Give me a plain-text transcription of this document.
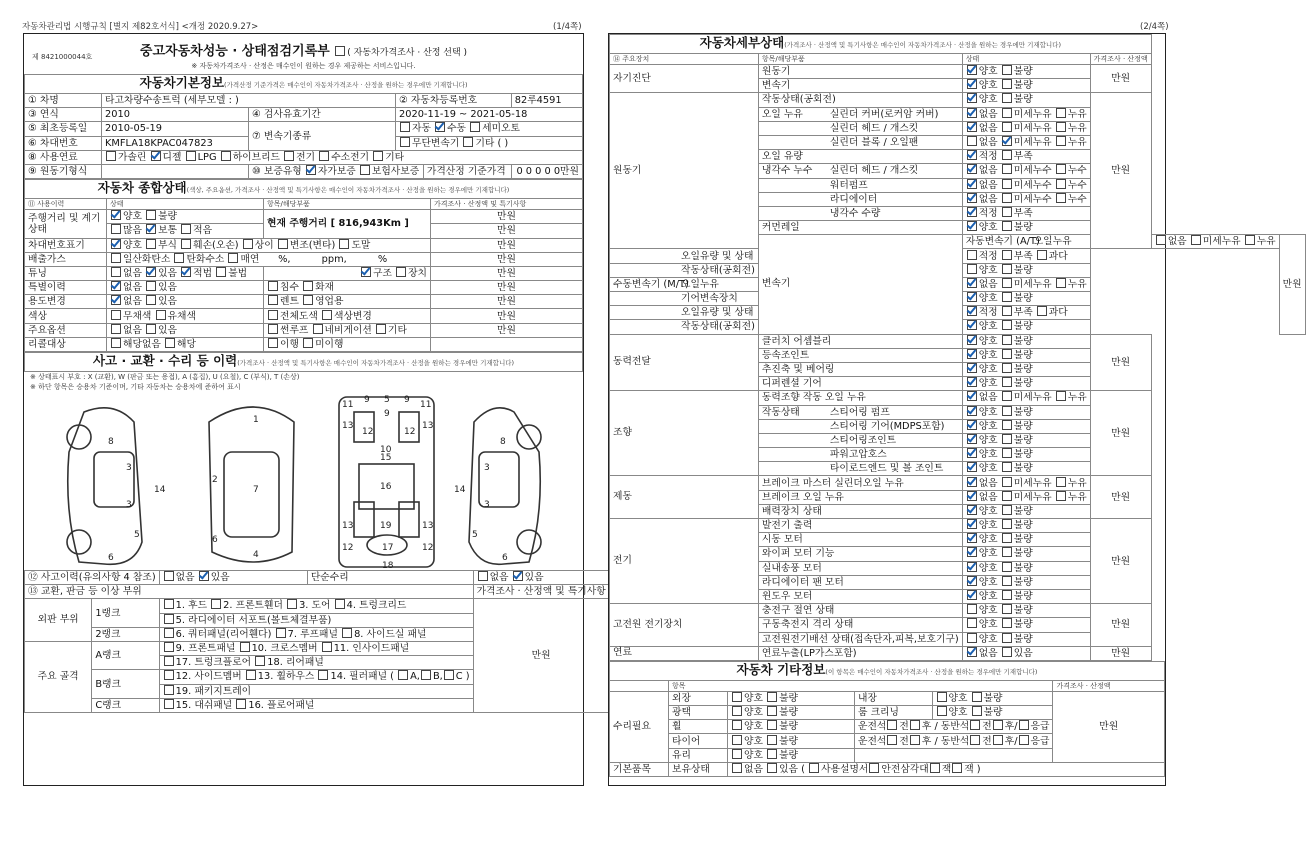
자동차관리법 시행규칙 [별지 제82호서식] <개정 2020.9.27>	(1/4쪽)	(2/4쪽)
제 8421000044호	중고자동차성능 · 상태점검기록부 ( 자동차가격조사 · 산정 선택 )
※ 자동차가격조사 · 산정은 매수인이 원하는 경우 제공하는 서비스입니다.
자동차기본정보(가격산정 기준가격은 매수인이 자동차가격조사 · 산정을 원하는 경우에만 기재합니다)					
① 차명	타고차량수송트럭 (세부모델 : )		② 자동차등록번호		82루4591
③ 연식	2010	④ 검사유효기간	2020-11-19 ~ 2021-05-18		
⑤ 최초등록일	2010-05-19	⑦ 변속기종류	자동 수동 세미오토		
⑥ 차대번호	KMFLA18KPAC047823		무단변속기 기타 ( )		
⑧ 사용연료	가솔린 디젤 LPG 하이브리드 전기 수소전기 기타				
⑨ 원동기형식		⑩ 보증유형 자가보증 보험사보증		가격산정 기준가격	0 0 0 0 0만원
자동차 종합상태(색상, 주요옵션, 가격조사 · 산정액 및 특기사항은 매수인이 자동차가격조사 · 산정을 원하는 경우에만 기재합니다)			
⑪ 사용이력	상태	항목/해당부품	가격조사 · 산정액 및 특기사항
주행거리 및 계기상태	양호 불량	현재 주행거리 [ 816,943Km ]	만원
	많음 보통 적음		만원
차대번호표기	양호 부식 훼손(오손) 상이 변조(변타) 도말		만원
배출가스	일산화탄소 탄화수소 매연 %, ppm, %		만원
튜닝	없음 있음 적법 불법	구조 장치	만원
특별이력	없음 있음	침수 화재	만원
용도변경	없음 있음	렌트 영업용	만원
색상	무채색 유채색	전체도색 색상변경	만원
주요옵션	없음 있음	썬루프 네비게이션 기타	만원
리콜대상	해당없음 해당	이행 미이행	
사고 · 교환 · 수리 등 이력(가격조사 · 산정액 및 특기사항은 매수인이 자동차가격조사 · 산정을 원하는 경우에만 기재합니다)
※ 상태표시 부호 : X (교환), W (판금 또는 용접), A (흠집), U (요철), C (부식), T (손상)
※ 하단 항목은 승용차 기준이며, 기타 자동차는 승용차에 준하여 표시
3
3
8
14
5
6
1
7
4
2
6
11 9 5 9 11
13
12
9
12
13
10
15
16
13	19	13
12	17	12
18
3
3
8
14
5
6
⑫ 사고이력(유의사항 4 참조)		없음 있음	단순수리	없음 있음
⑬ 교환, 판금 등 이상 부위				가격조사 · 산정액 및 특기사항
외판 부위	1랭크	1. 후드 2. 프론트휀더 3. 도어 4. 트렁크리드		만원
		5. 라디에이터 서포트(볼트체결부품)		
	2랭크	6. 쿼터패널(리어휀다) 7. 루프패널 8. 사이드실 패널		
주요 골격	A랭크	9. 프론트패널 10. 크로스멤버 11. 인사이드패널		
		17. 트렁크플로어 18. 리어패널		
	B랭크	12. 사이드멤버 13. 휠하우스 14. 필러패널 ( A, B, C )		
		19. 패키지트레이		
	C랭크	15. 대쉬패널 16. 플로어패널		
자동차세부상태(가격조사 · 산정액 및 특기사항은 매수인이 자동차가격조사 · 산정을 원하는 경우에만 기재합니다)					
⑭ 주요장치	항목/해당부품	상태	가격조사 · 산정액		
자기진단	원동기	양호 불량	만원		
	변속기	양호 불량			
원동기	작동상태(공회전)	양호 불량	만원		

	오일 누유 실린더 커버(로커암 커버)	없음 미세누유 누유			
	실린더 헤드 / 개스킷	없음 미세누유 누유			
	실린더 블록 / 오일팬	없음 미세누유 누유			
	오일 유량	적정 부족			

	냉각수 누수 실린더 헤드 / 개스킷	없음 미세누수 누수			
	워터펌프	없음 미세누수 누수			
	라디에이터	없음 미세누수 누수			
	냉각수 수량	적정 부족			
	커먼레일	양호 불량			
	변속기	자동변속기 (A/T)
오일누유		없음 미세누유 누유	만원
오일유량 및 상태		적정 부족 과다			
작동상태(공회전)		양호 불량			

수동변속기 (M/T)
오일누유		없음 미세누유 누유			
기어변속장치		양호 불량			
오일유량 및 상태		적정 부족 과다			
작동상태(공회전)		양호 불량			
동력전달	클러치 어셈블리	양호 불량	만원		
	등속조인트	양호 불량			
	추진축 및 베어링	양호 불량			
	디퍼렌셜 기어	양호 불량			
조향	동력조향 작동 오일 누유	없음 미세누유 누유	만원		

	작동상태 스티어링 펌프	양호 불량			
	스티어링 기어(MDPS포함)	양호 불량			
	스티어링조인트	양호 불량			
	파워고압호스	양호 불량			
	타이로드엔드 및 볼 조인트	양호 불량			
제동	브레이크 마스터 실린더오일 누유	없음 미세누유 누유	만원		
	브레이크 오일 누유	없음 미세누유 누유			
	배력장치 상태	양호 불량			
전기	발전기 출력	양호 불량	만원		
	시동 모터	양호 불량			
	와이퍼 모터 기능	양호 불량			
	실내송풍 모터	양호 불량			
	라디에이터 팬 모터	양호 불량			
	윈도우 모터	양호 불량			
고전원 전기장치	충전구 절연 상태	양호 불량	만원		
	구동축전지 격리 상태	양호 불량			
	고전원전기배선 상태(접속단자,피복,보호기구)	양호 불량			
연료	연료누출(LP가스포함)	없음 있음	만원		
자동차 기타정보(이 항목은 매수인이 자동차가격조사 · 산정을 원하는 경우에만 기재합니다)					
	항목				가격조사 · 산정액
수리필요	외장	양호 불량	내장	양호 불량	만원
	광택	양호 불량	룸 크리닝	양호 불량	
	휠	양호 불량	운전석 전 후 / 동반석 전 후/ 응급		
	타이어	양호 불량	운전석 전 후 / 동반석 전 후/ 응급		
	유리	양호 불량			
기본품목	보유상태	없음 있음 ( 사용설명서 안전삼각대 잭 잭 )			
